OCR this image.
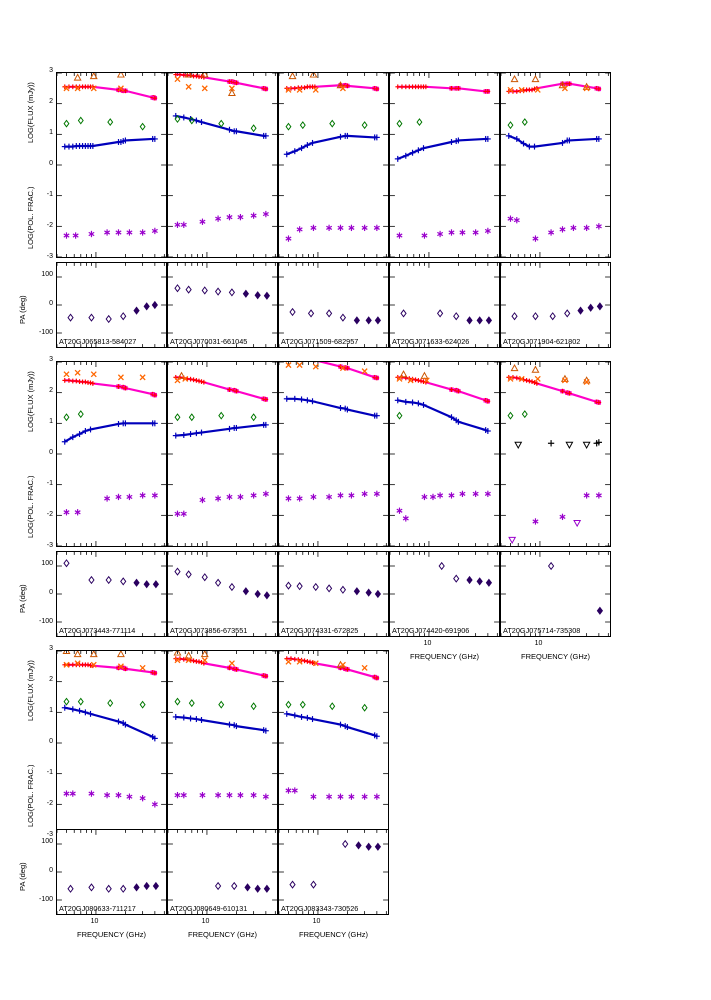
AT20GJ065813-584027	AT20GJ070031-661045	AT20GJ071509-682957	AT20GJ071633-624026	AT20GJ071904-621802
AT20GJ073443-771114	AT20GJ073856-673551	AT20GJ074331-672825	AT20GJ074420-691906	AT20GJ075714-735308
AT20GJ080633-711217	AT20GJ080649-610131	AT20GJ083343-730526
3
2
1
0
-1
-2
-3
100
0
-100
LOG(FLUX (mJy))
LOG(POL. FRAC.)
PA (deg)
3
2
1
0
-1
-2
-3
100
0
-100
LOG(FLUX (mJy))
LOG(POL. FRAC.)
PA (deg)
3
2
1
0
-1
-2
-3
100
0
-100
LOG(FLUX (mJy))
LOG(POL. FRAC.)
PA (deg)
10
FREQUENCY (GHz)
10
FREQUENCY (GHz)
10
FREQUENCY (GHz)
10
FREQUENCY (GHz)
10
FREQUENCY (GHz)
